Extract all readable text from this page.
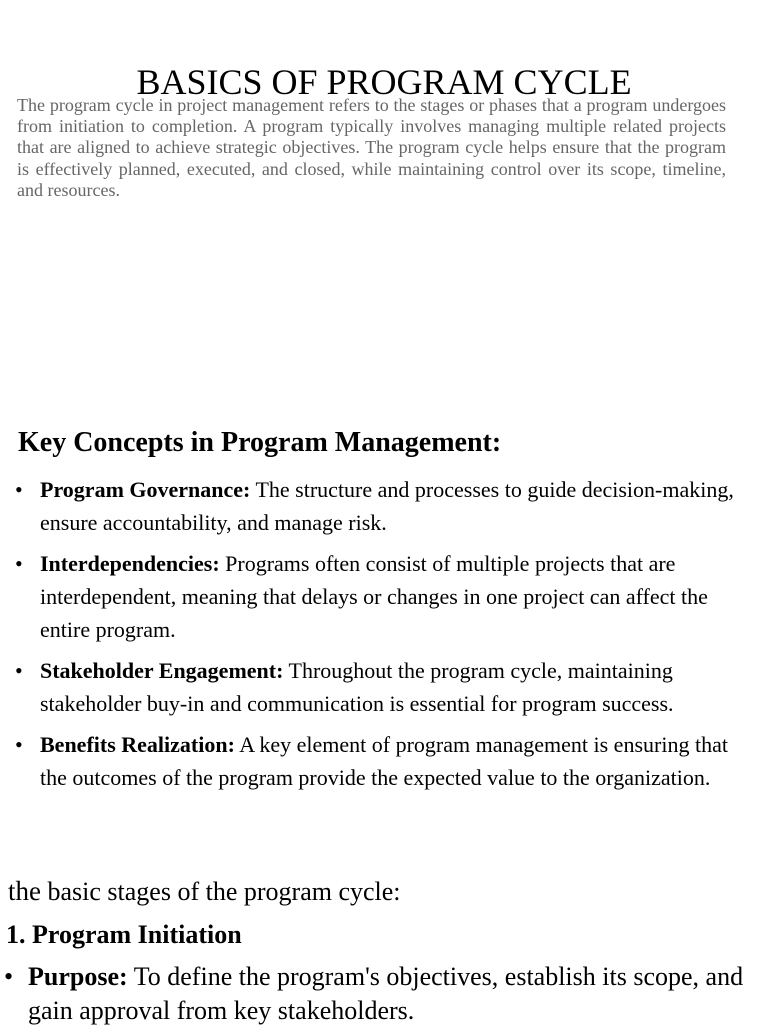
BASICS OF PROGRAM CYCLE

The program cycle in project management refers to the stages or phases that a program undergoes from initiation to completion. A program typically involves managing multiple related projects that are aligned to achieve strategic objectives. The program cycle helps ensure that the program is effectively planned, executed, and closed, while maintaining control over its scope, timeline, and resources.

Key Concepts in Program Management:
• Program Governance: The structure and processes to guide decision-making, ensure accountability, and manage risk.
• Interdependencies: Programs often consist of multiple projects that are interdependent, meaning that delays or changes in one project can affect the entire program.
• Stakeholder Engagement: Throughout the program cycle, maintaining stakeholder buy-in and communication is essential for program success.
• Benefits Realization: A key element of program management is ensuring that the outcomes of the program provide the expected value to the organization.

the basic stages of the program cycle:

1. Program Initiation
• Purpose: To define the program's objectives, establish its scope, and gain approval from key stakeholders.
